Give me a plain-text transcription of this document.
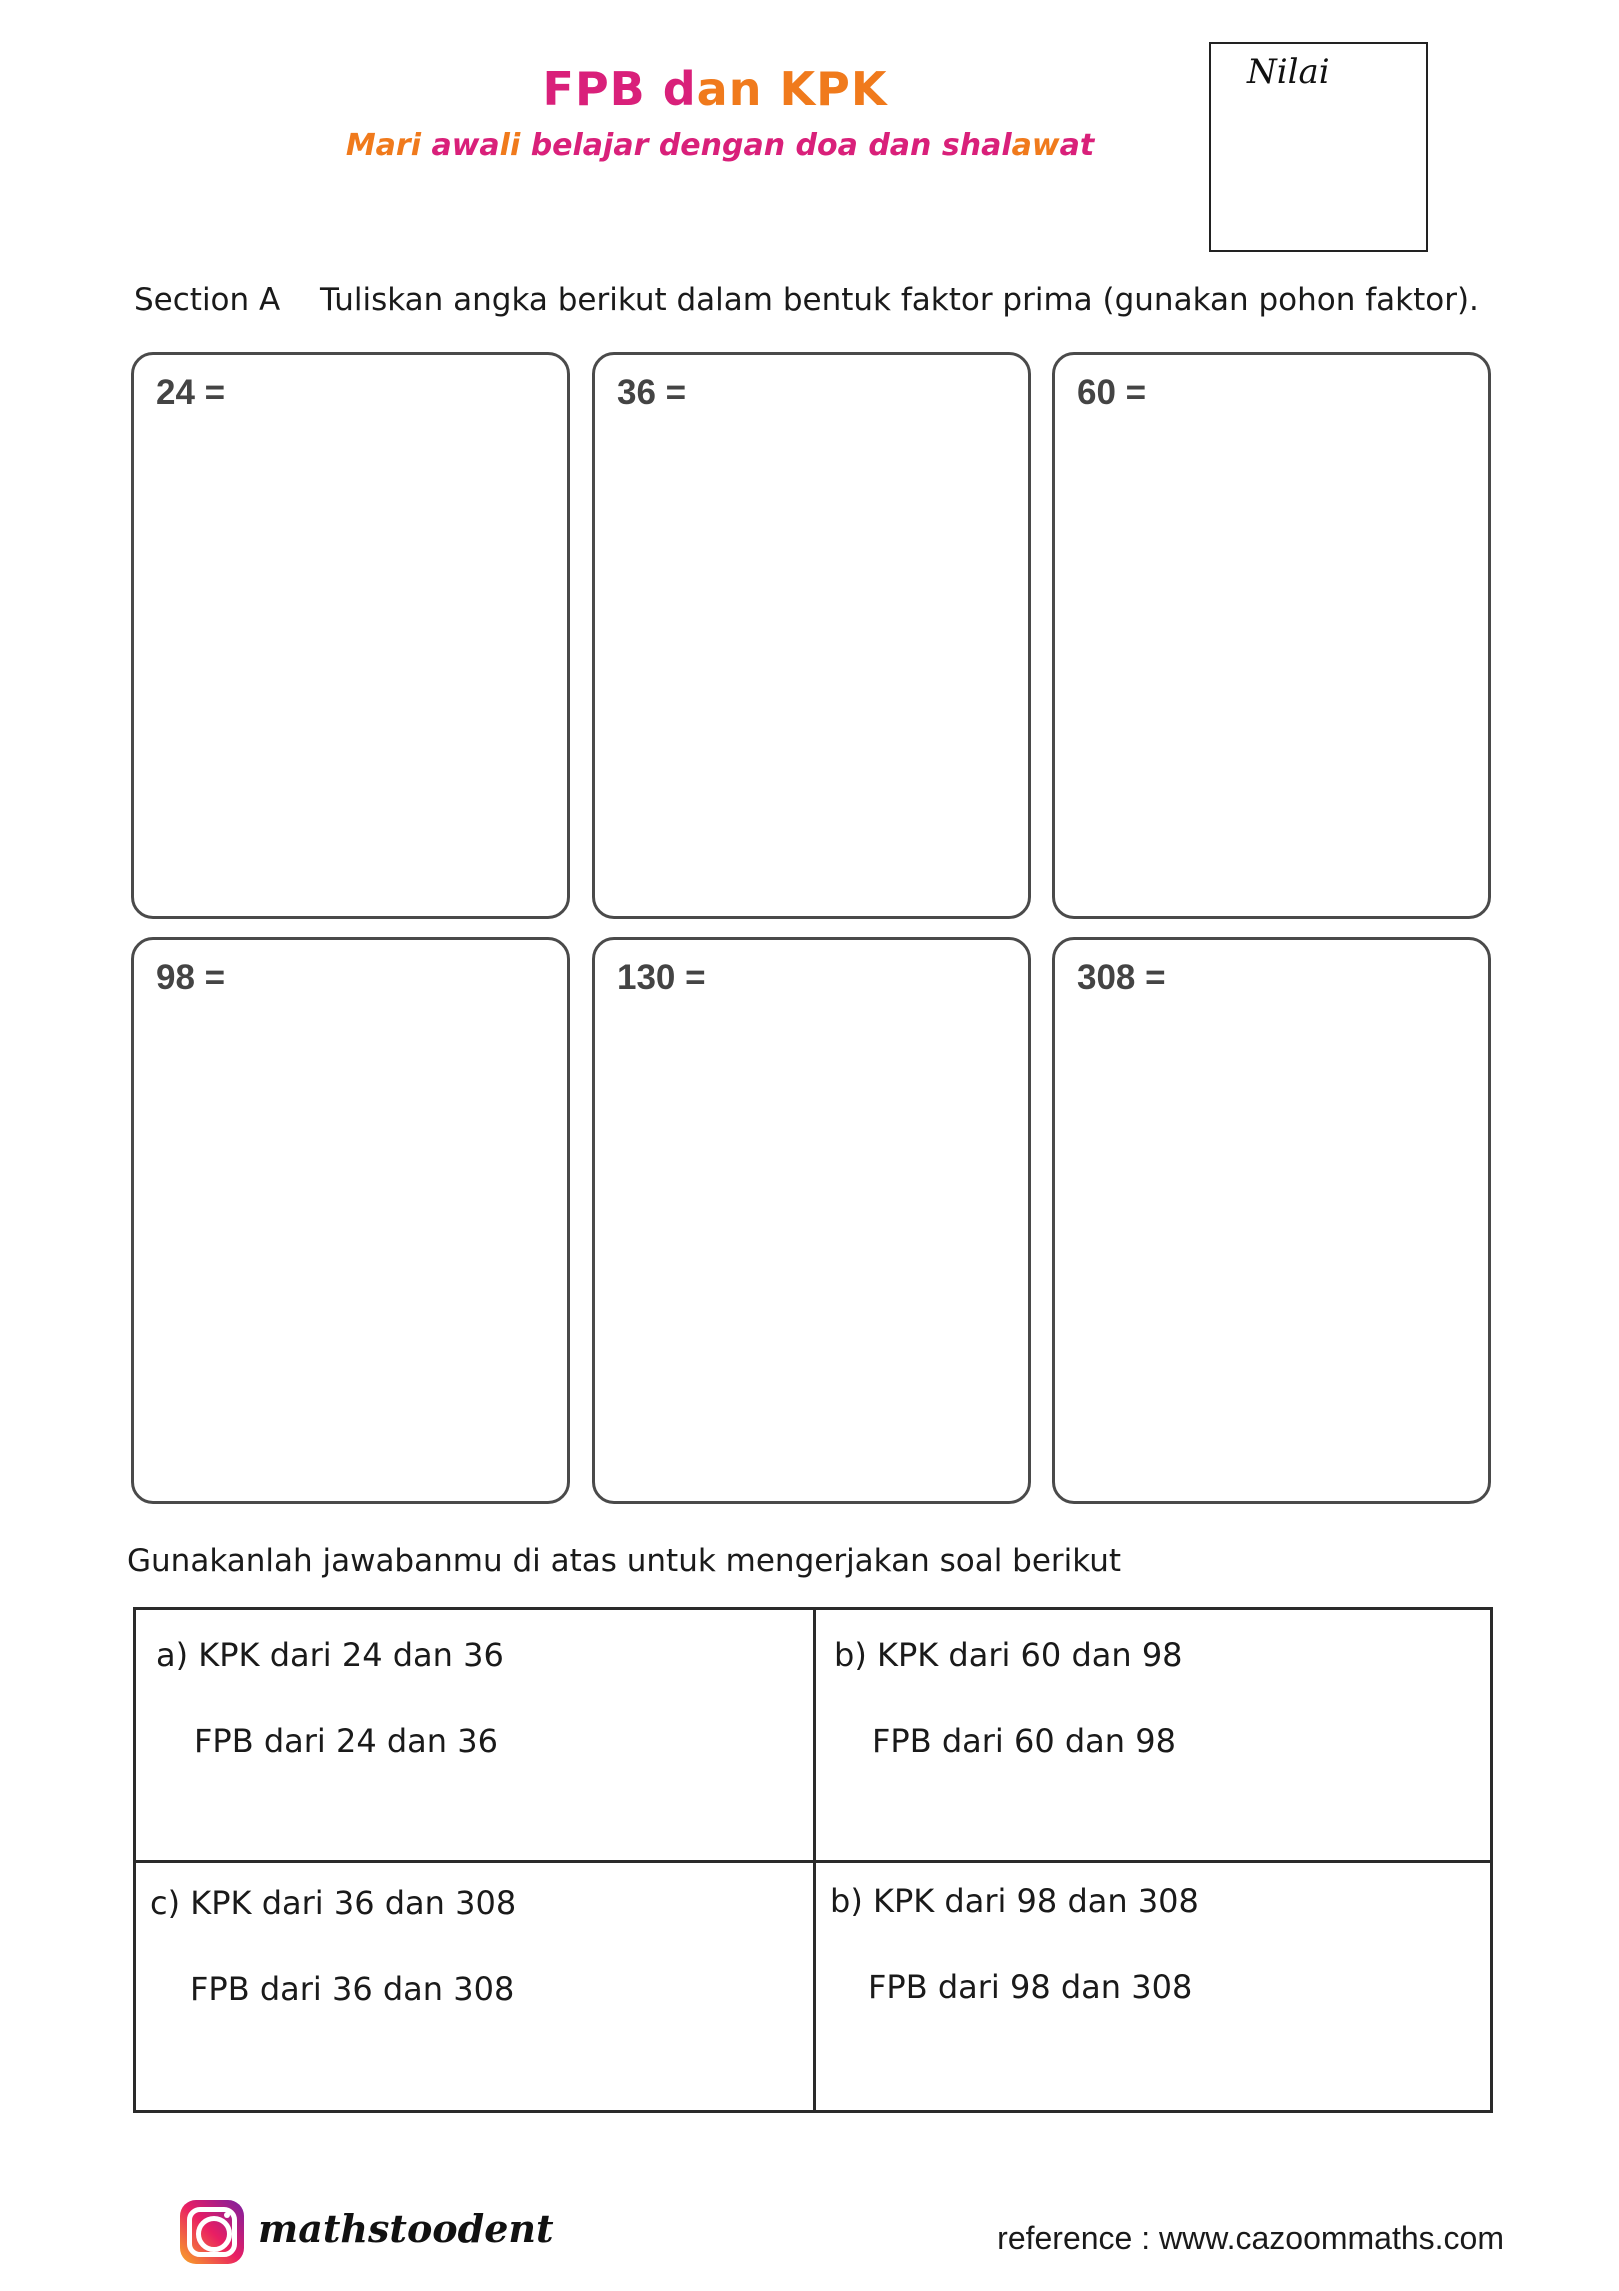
FPB dan KPK
Mari awali belajar dengan doa dan shalawat
Nilai
Section A Tuliskan angka berikut dalam bentuk faktor prima (gunakan pohon faktor).
24 =	36 =	60 =
98 =	130 =	308 =
Gunakanlah jawabanmu di atas untuk mengerjakan soal berikut
a) KPK dari 24 dan 36
FPB dari 24 dan 36
b) KPK dari 60 dan 98
FPB dari 60 dan 98
c) KPK dari 36 dan 308
FPB dari 36 dan 308
b) KPK dari 98 dan 308
FPB dari 98 dan 308
mathstoodent	reference : www.cazoommaths.com
